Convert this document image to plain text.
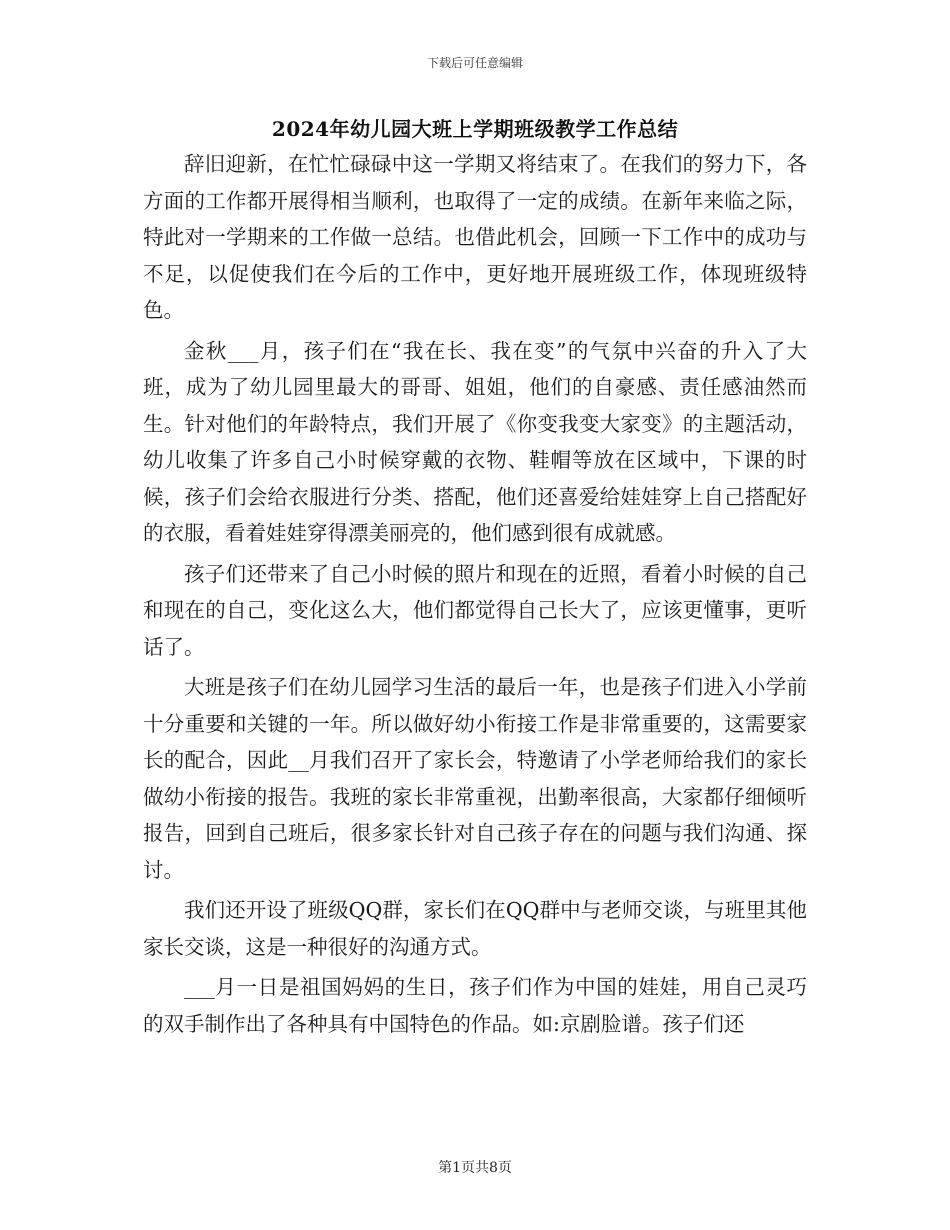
下载后可任意编辑
2024年幼儿园大班上学期班级教学工作总结

辞旧迎新，在忙忙碌碌中这一学期又将结束了。在我们的努力下，各方面的工作都开展得相当顺利，也取得了一定的成绩。在新年来临之际，特此对一学期来的工作做一总结。也借此机会，回顾一下工作中的成功与不足，以促使我们在今后的工作中，更好地开展班级工作，体现班级特色。

金秋___月，孩子们在“我在长、我在变”的气氛中兴奋的升入了大班，成为了幼儿园里最大的哥哥、姐姐，他们的自豪感、责任感油然而生。针对他们的年龄特点，我们开展了《你变我变大家变》的主题活动，幼儿收集了许多自己小时候穿戴的衣物、鞋帽等放在区域中，下课的时候，孩子们会给衣服进行分类、搭配，他们还喜爱给娃娃穿上自己搭配好的衣服，看着娃娃穿得漂美丽亮的，他们感到很有成就感。

孩子们还带来了自己小时候的照片和现在的近照，看着小时候的自己和现在的自己，变化这么大，他们都觉得自己长大了，应该更懂事，更听话了。

大班是孩子们在幼儿园学习生活的最后一年，也是孩子们进入小学前十分重要和关键的一年。所以做好幼小衔接工作是非常重要的，这需要家长的配合，因此__月我们召开了家长会，特邀请了小学老师给我们的家长做幼小衔接的报告。我班的家长非常重视，出勤率很高，大家都仔细倾听报告，回到自己班后，很多家长针对自己孩子存在的问题与我们沟通、探讨。

我们还开设了班级QQ群，家长们在QQ群中与老师交谈，与班里其他家长交谈，这是一种很好的沟通方式。

___月一日是祖国妈妈的生日，孩子们作为中国的娃娃，用自己灵巧的双手制作出了各种具有中国特色的作品。如:京剧脸谱。孩子们还

第1页共8页
